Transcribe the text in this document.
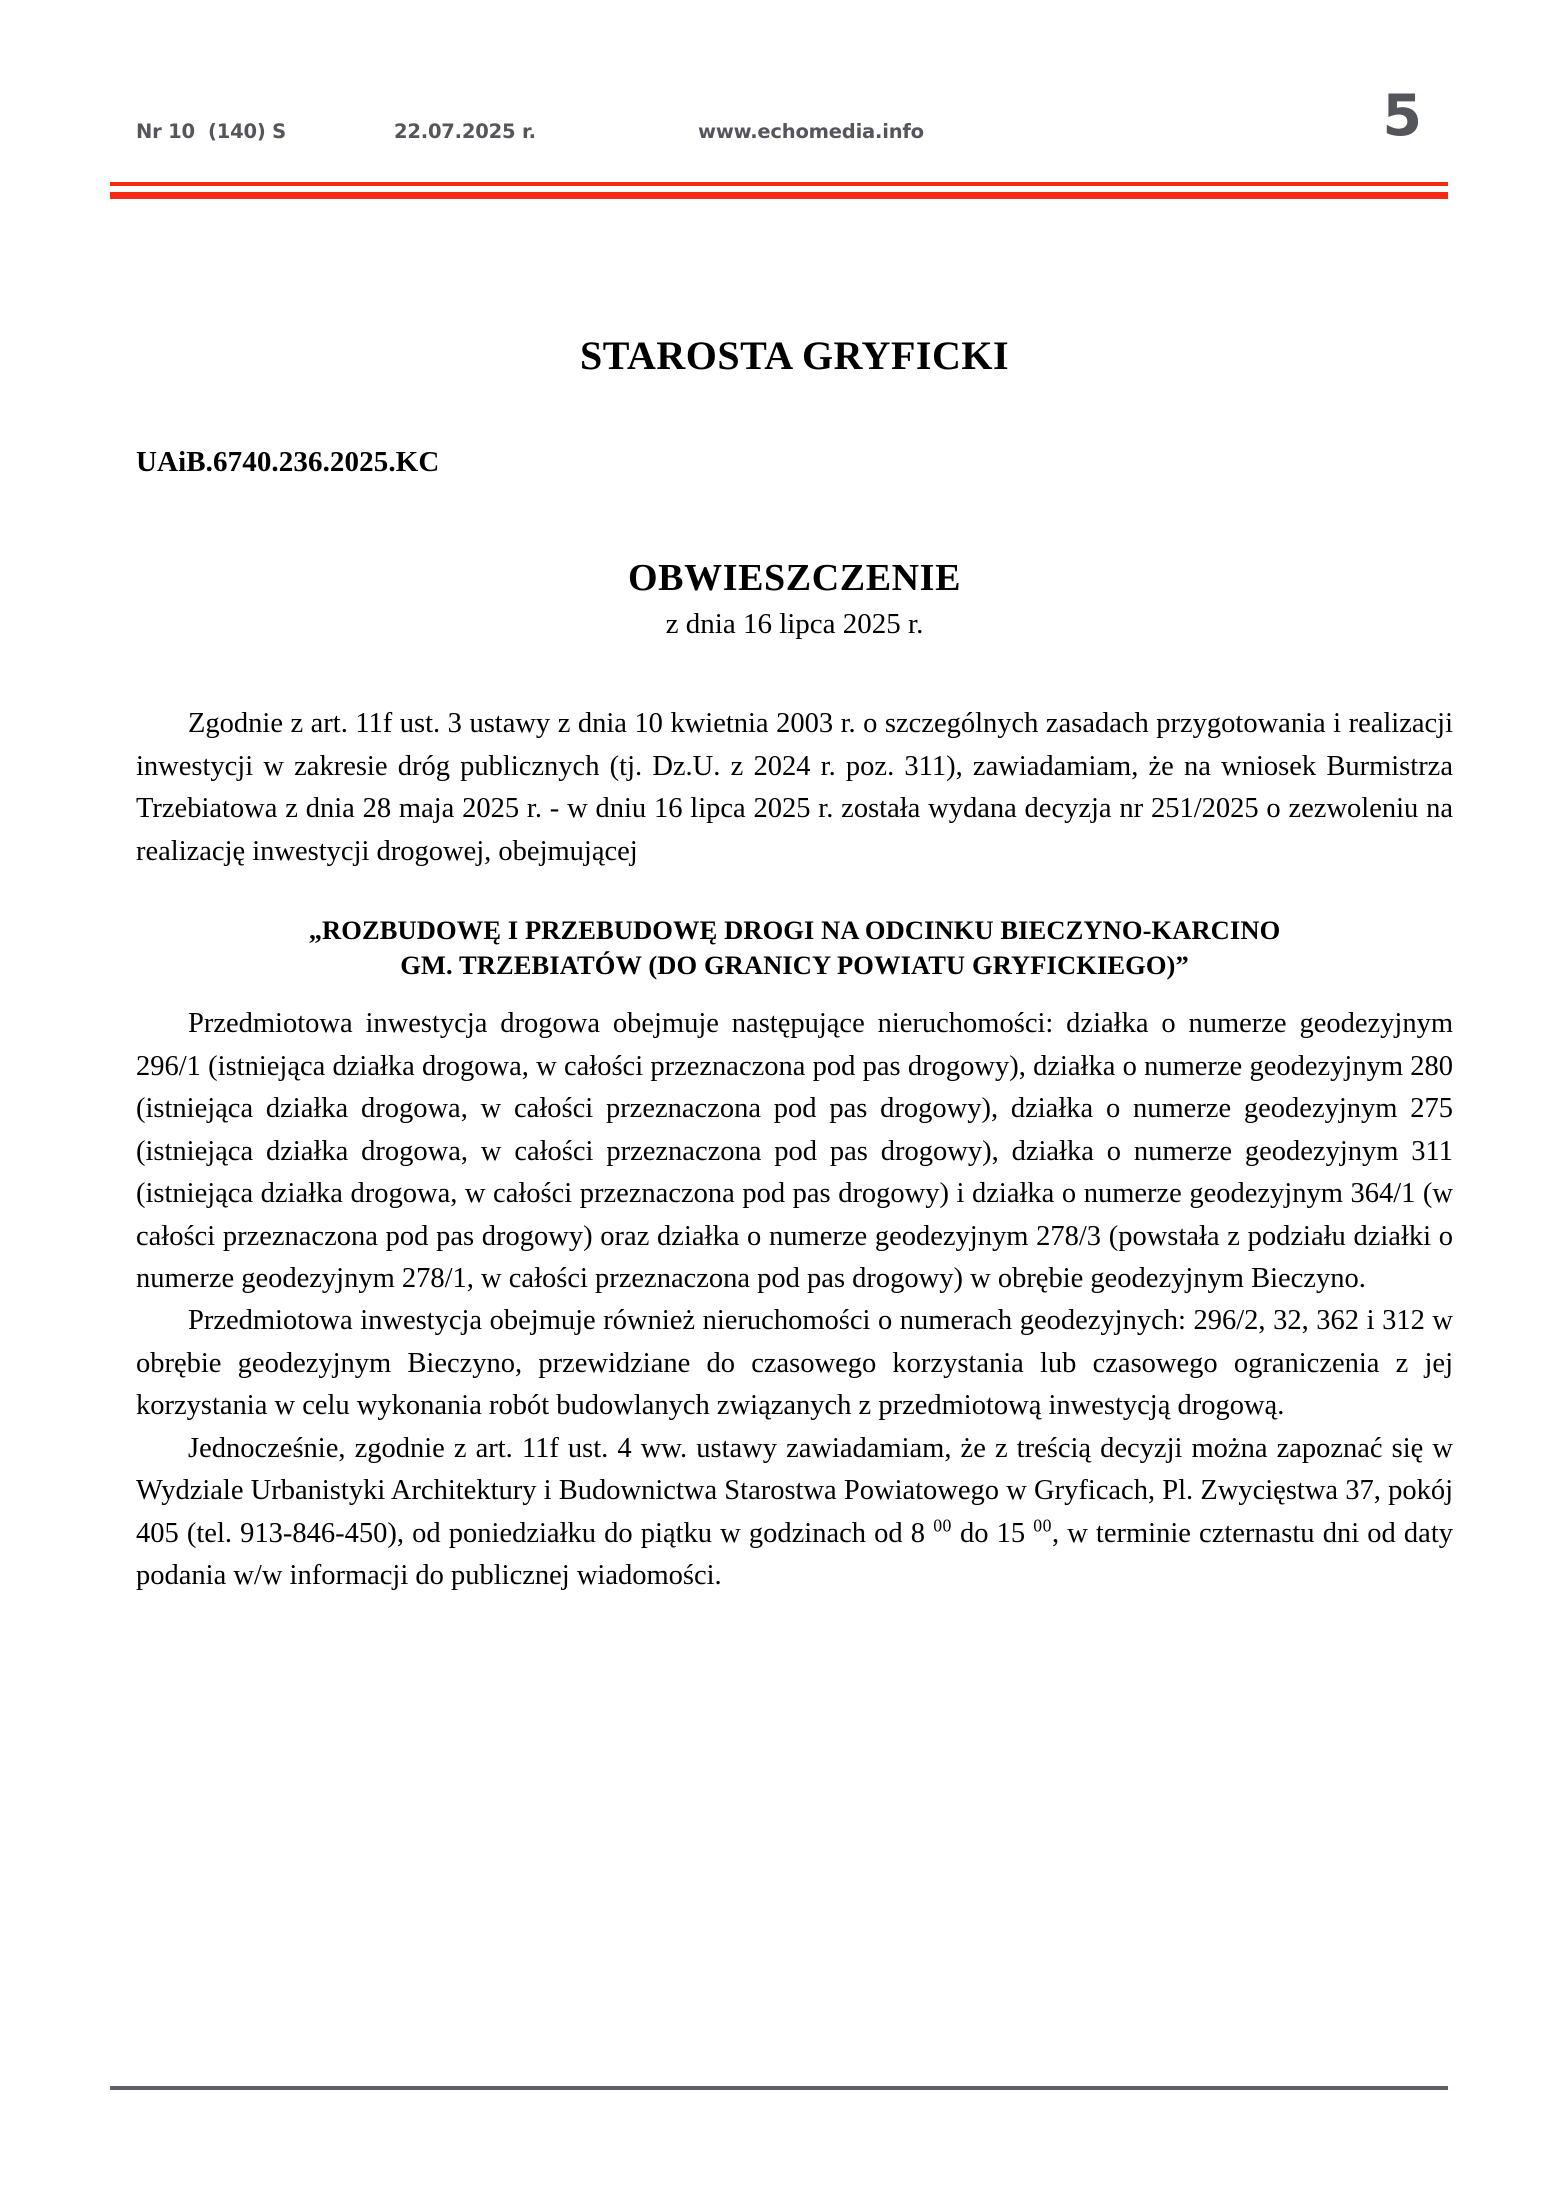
Nr 10  (140) S	22.07.2025 r.	www.echomedia.info	5
STAROSTA GRYFICKI

UAiB.6740.236.2025.KC

OBWIESZCZENIE

z dnia 16 lipca 2025 r.

Zgodnie z art. 11f ust. 3 ustawy z dnia 10 kwietnia 2003 r. o szczególnych zasadach przygotowania i realizacji inwestycji w zakresie dróg publicznych (tj. Dz.U. z 2024 r. poz. 311), zawiadamiam, że na wniosek Burmistrza Trzebiatowa z dnia 28 maja 2025 r. - w dniu 16 lipca 2025 r. została wydana decyzja nr 251/2025 o zezwoleniu na realizację inwestycji drogowej, obejmującej

„ROZBUDOWĘ I PRZEBUDOWĘ DROGI NA ODCINKU BIECZYNO-KARCINO
GM. TRZEBIATÓW (DO GRANICY POWIATU GRYFICKIEGO)”

Przedmiotowa inwestycja drogowa obejmuje następujące nieruchomości: działka o numerze geodezyjnym 296/1 (istniejąca działka drogowa, w całości przeznaczona pod pas drogowy), działka o numerze geodezyjnym 280 (istniejąca działka drogowa, w całości przeznaczona pod pas drogowy), działka o numerze geodezyjnym 275 (istniejąca działka drogowa, w całości przeznaczona pod pas drogowy), działka o numerze geodezyjnym 311 (istniejąca działka drogowa, w całości przeznaczona pod pas drogowy) i działka o numerze geodezyjnym 364/1 (w całości przeznaczona pod pas drogowy) oraz działka o numerze geodezyjnym 278/3 (powstała z podziału działki o numerze geodezyjnym 278/1, w całości przeznaczona pod pas drogowy) w obrębie geodezyjnym Bieczyno.

Przedmiotowa inwestycja obejmuje również nieruchomości o numerach geodezyjnych: 296/2, 32, 362 i 312 w obrębie geodezyjnym Bieczyno, przewidziane do czasowego korzystania lub czasowego ograniczenia z jej korzystania w celu wykonania robót budowlanych związanych z przedmiotową inwestycją drogową.

Jednocześnie, zgodnie z art. 11f ust. 4 ww. ustawy zawiadamiam, że z treścią decyzji można zapoznać się w Wydziale Urbanistyki Architektury i Budownictwa Starostwa Powiatowego w Gryficach, Pl. Zwycięstwa 37, pokój 405 (tel. 913-846-450), od poniedziałku do piątku w godzinach od 8 $^{00}$ do 15 $^{00}$, w terminie czternastu dni od daty podania w/w informacji do publicznej wiadomości.
